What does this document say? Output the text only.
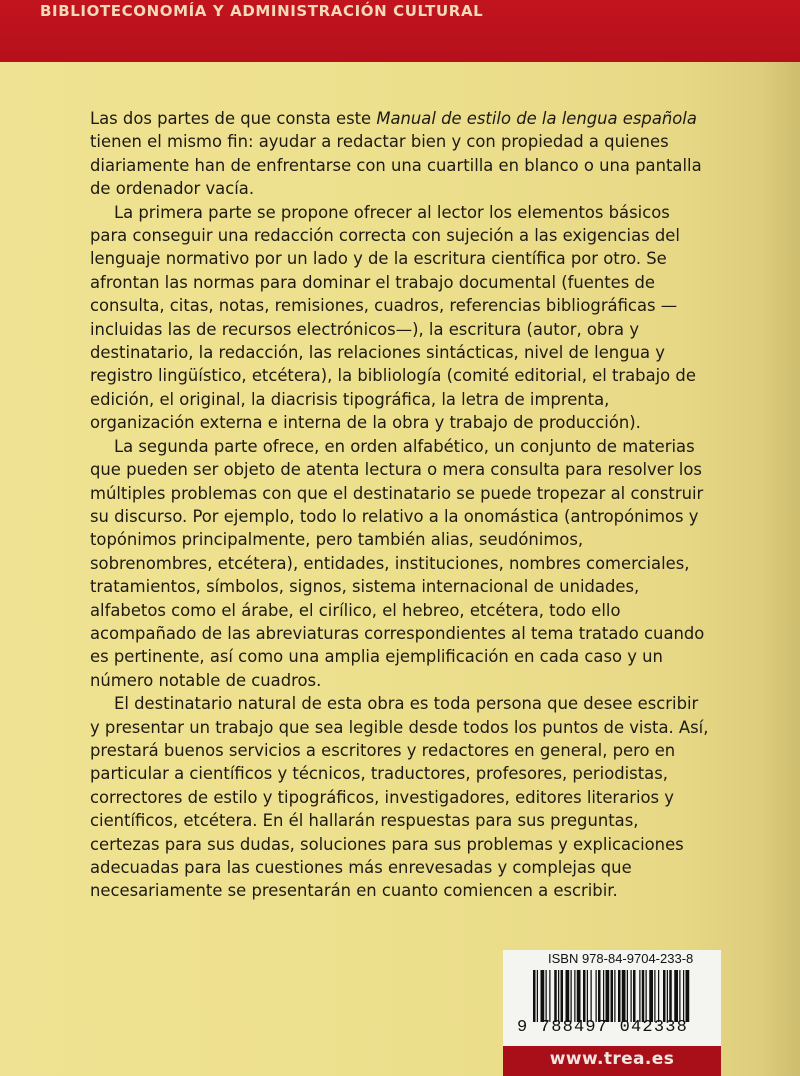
BIBLIOTECONOMÍA Y ADMINISTRACIÓN CULTURAL

Las dos partes de que consta este Manual de estilo de la lengua española tienen el mismo fin: ayudar a redactar bien y con propiedad a quienes diariamente han de enfrentarse con una cuartilla en blanco o una pantalla de ordenador vacía.

La primera parte se propone ofrecer al lector los elementos básicos para conseguir una redacción correcta con sujeción a las exigencias del lenguaje normativo por un lado y de la escritura científica por otro. Se afrontan las normas para dominar el trabajo documental (fuentes de consulta, citas, notas, remisiones, cuadros, referencias bibliográficas —incluidas las de recursos electrónicos—), la escritura (autor, obra y destinatario, la redacción, las relaciones sintácticas, nivel de lengua y registro lingüístico, etcétera), la bibliología (comité editorial, el trabajo de edición, el original, la diacrisis tipográfica, la letra de imprenta, organización externa e interna de la obra y trabajo de producción).

La segunda parte ofrece, en orden alfabético, un conjunto de materias que pueden ser objeto de atenta lectura o mera consulta para resolver los múltiples problemas con que el destinatario se puede tropezar al construir su discurso. Por ejemplo, todo lo relativo a la onomástica (antropónimos y topónimos principalmente, pero también alias, seudónimos, sobrenombres, etcétera), entidades, instituciones, nombres comerciales, tratamientos, símbolos, signos, sistema internacional de unidades, alfabetos como el árabe, el cirílico, el hebreo, etcétera, todo ello acompañado de las abreviaturas correspondientes al tema tratado cuando es pertinente, así como una amplia ejemplificación en cada caso y un número notable de cuadros.

El destinatario natural de esta obra es toda persona que desee escribir y presentar un trabajo que sea legible desde todos los puntos de vista. Así, prestará buenos servicios a escritores y redactores en general, pero en particular a científicos y técnicos, traductores, profesores, periodistas, correctores de estilo y tipográficos, investigadores, editores literarios y científicos, etcétera. En él hallarán respuestas para sus preguntas, certezas para sus dudas, soluciones para sus problemas y explicaciones adecuadas para las cuestiones más enrevesadas y complejas que necesariamente se presentarán en cuanto comiencen a escribir.

ISBN 978-84-9704-233-8
9 788497 042338
www.trea.es
